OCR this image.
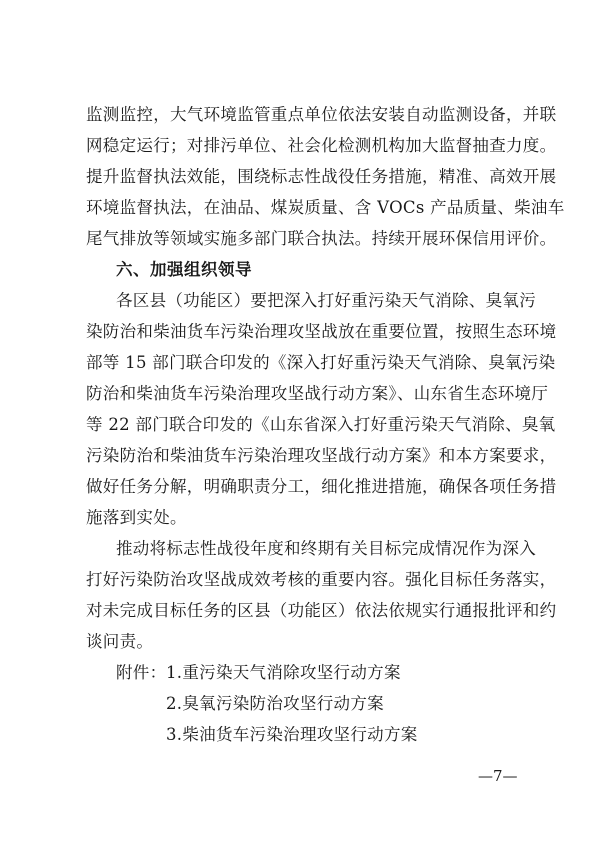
监测监控，大气环境监管重点单位依法安装自动监测设备，并联
网稳定运行；对排污单位、社会化检测机构加大监督抽查力度。
提升监督执法效能，围绕标志性战役任务措施，精准、高效开展
环境监督执法，在油品、煤炭质量、含 VOCs 产品质量、柴油车
尾气排放等领域实施多部门联合执法。持续开展环保信用评价。
六、加强组织领导
各区县（功能区）要把深入打好重污染天气消除、臭氧污
染防治和柴油货车污染治理攻坚战放在重要位置，按照生态环境
部等 15 部门联合印发的《深入打好重污染天气消除、臭氧污染
防治和柴油货车污染治理攻坚战行动方案》、山东省生态环境厅
等 22 部门联合印发的《山东省深入打好重污染天气消除、臭氧
污染防治和柴油货车污染治理攻坚战行动方案》和本方案要求，
做好任务分解，明确职责分工，细化推进措施，确保各项任务措
施落到实处。
推动将标志性战役年度和终期有关目标完成情况作为深入
打好污染防治攻坚战成效考核的重要内容。强化目标任务落实，
对未完成目标任务的区县（功能区）依法依规实行通报批评和约
谈问责。
附件： 1.重污染天气消除攻坚行动方案
2.臭氧污染防治攻坚行动方案
3.柴油货车污染治理攻坚行动方案
—7—
